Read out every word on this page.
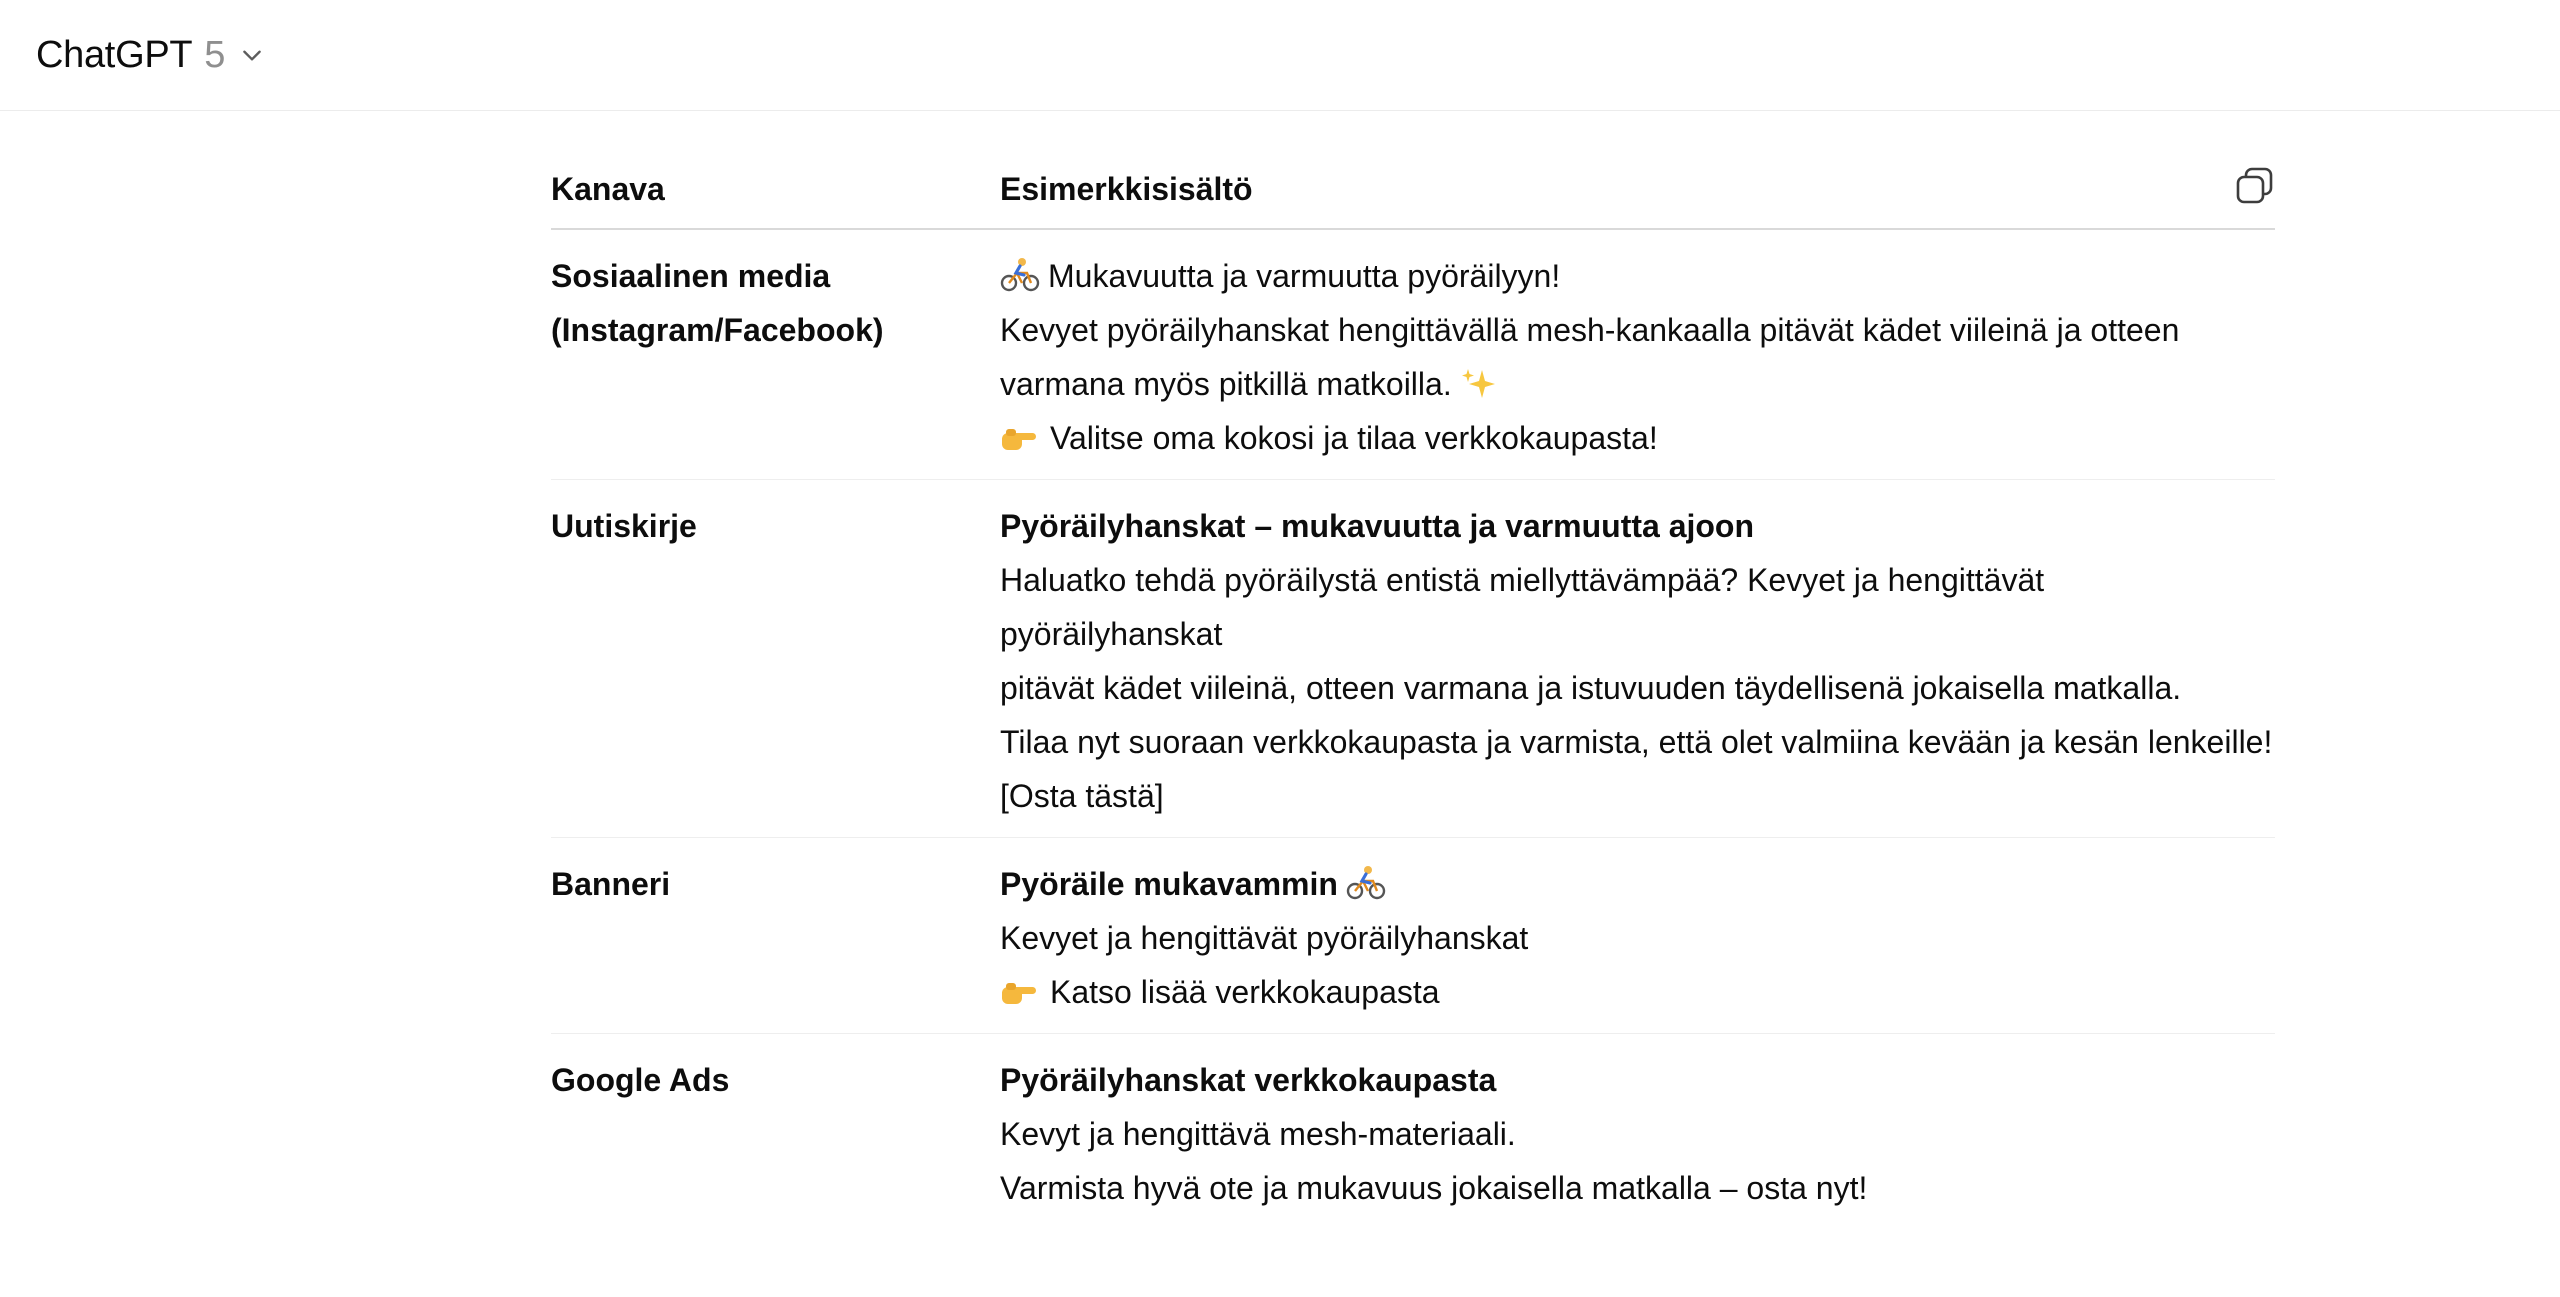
ChatGPT 5
Kanava	Esimerkkisisältö

Sosiaalinen media
(Instagram/Facebook)	Mukavuutta ja varmuutta pyöräilyyn!
Kevyet pyöräilyhanskat hengittävällä mesh-kankaalla pitävät kädet viileinä ja otteen
varmana myös pitkillä matkoilla.
Valitse oma kokosi ja tilaa verkkokaupasta!

Uutiskirje	Pyöräilyhanskat – mukavuutta ja varmuutta ajoon
Haluatko tehdä pyöräilystä entistä miellyttävämpää? Kevyet ja hengittävät pyöräilyhanskat
pitävät kädet viileinä, otteen varmana ja istuvuuden täydellisenä jokaisella matkalla.
Tilaa nyt suoraan verkkokaupasta ja varmista, että olet valmiina kevään ja kesän lenkeille!
[Osta tästä]

Banneri	Pyöräile mukavammin
Kevyet ja hengittävät pyöräilyhanskat
Katso lisää verkkokaupasta

Google Ads	Pyöräilyhanskat verkkokaupasta
Kevyt ja hengittävä mesh-materiaali.
Varmista hyvä ote ja mukavuus jokaisella matkalla – osta nyt!
